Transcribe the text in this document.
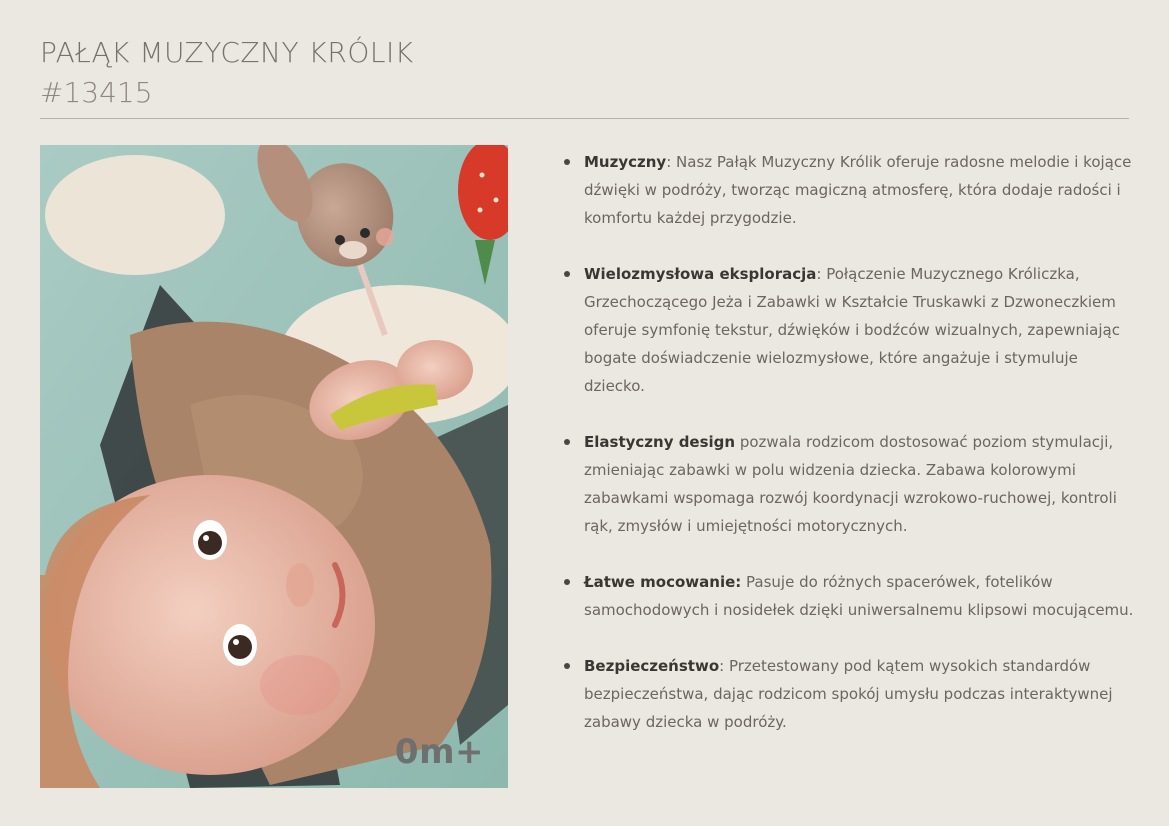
PAŁĄK MUZYCZNY KRÓLIK
#13415
0m+
Muzyczny: Nasz Pałąk Muzyczny Królik oferuje radosne melodie i kojące dźwięki w podróży, tworząc magiczną atmosferę, która dodaje radości i komfortu każdej przygodzie.
Wielozmysłowa eksploracja: Połączenie Muzycznego Króliczka, Grzechoczącego Jeża i Zabawki w Kształcie Truskawki z Dzwoneczkiem oferuje symfonię tekstur, dźwięków i bodźców wizualnych, zapewniając bogate doświadczenie wielozmysłowe, które angażuje i stymuluje dziecko.
Elastyczny design pozwala rodzicom dostosować poziom stymulacji, zmieniając zabawki w polu widzenia dziecka. Zabawa kolorowymi zabawkami wspomaga rozwój koordynacji wzrokowo-ruchowej, kontroli rąk, zmysłów i umiejętności motorycznych.
Łatwe mocowanie: Pasuje do różnych spacerówek, fotelików samochodowych i nosidełek dzięki uniwersalnemu klipsowi mocującemu.
Bezpieczeństwo: Przetestowany pod kątem wysokich standardów bezpieczeństwa, dając rodzicom spokój umysłu podczas interaktywnej zabawy dziecka w podróży.
